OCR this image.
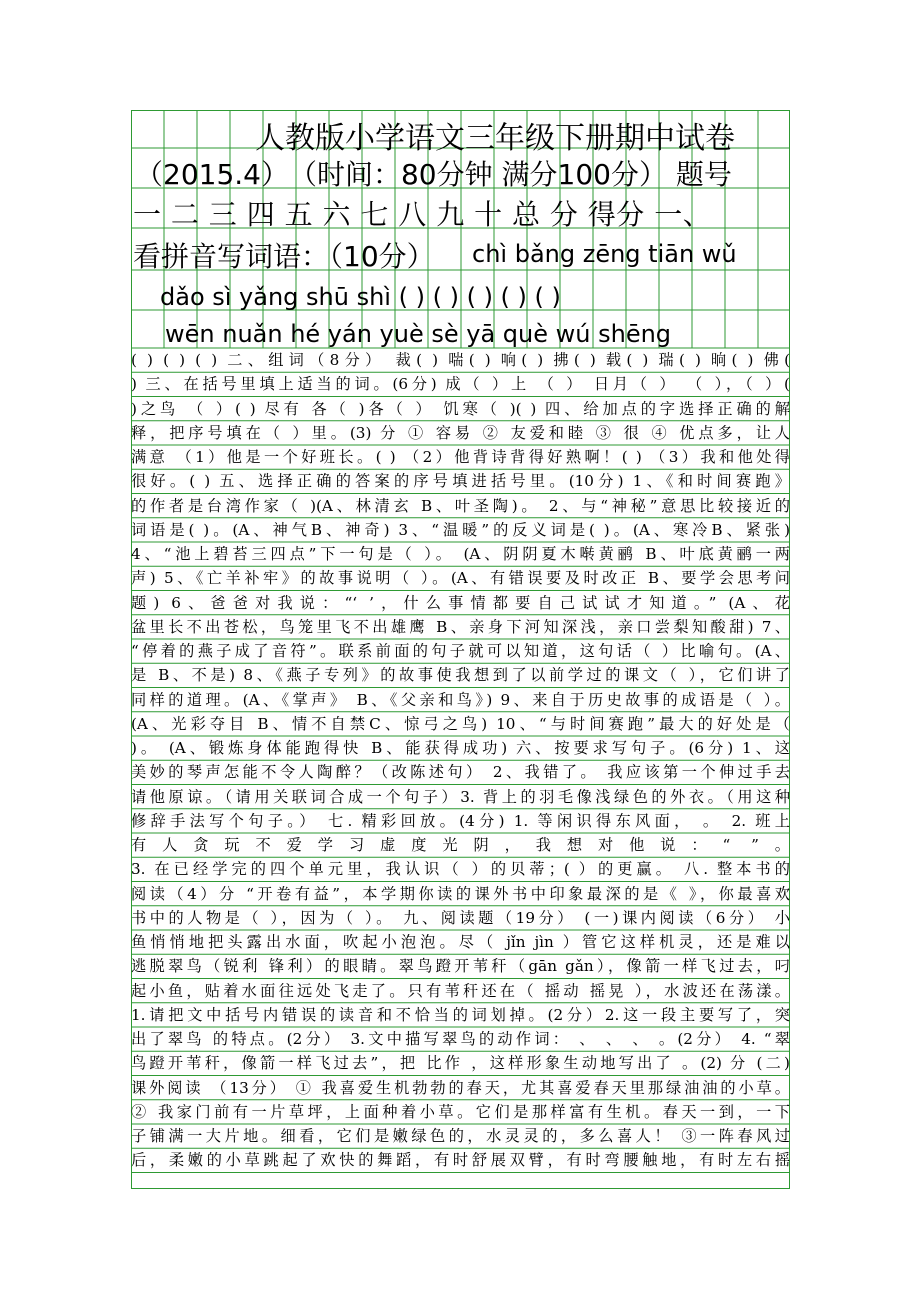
人教版小学语文三年级下册期中试卷
（2015.4）　（时间：80分钟 满分100分） 题号
一 二 三 四 五 六 七 八 九 十 总 分 得分 一、
看拼音写词语：（10分） chì bǎng zēng tiān wǔ
dǎo sì yǎng shū shì ( ) ( ) ( ) ( ) ( )
wēn nuǎn hé yán yuè sè yā què wú shēng
( ) ( ) ( ) 二、组词（8分） 裁( ) 喘( ) 响( ) 拂( ) 载( ) 瑞( ) 晌( ) 佛(
) 三、在括号里填上适当的词。(6分) 成（ ）上 （ ） 日月（ ） （ ），（ ）(
)之鸟 （ ）( ) 尽有 各（ )各（ ） 饥寒（ )( ) 四、给加点的字选择正确的解
释，把序号填在（ ）里。(3) 分 ① 容易 ② 友爱和睦 ③ 很 ④ 优点多，让人
满意 （1）他是一个好班长。( ) （2）他背诗背得好熟啊！( ) （3）我和他处得
很好。( ) 五、选择正确的答案的序号填进括号里。(10分) 1、《和时间赛跑》
的作者是台湾作家（ )(A、林清玄 B、叶圣陶)。 2、与“神秘”意思比较接近的
词语是( )。(A、神气B、神奇) 3、“温暖”的反义词是( )。(A、寒冷B、紧张)
4、“池上碧苔三四点”下一句是（ ）。 (A、阴阴夏木啭黄鹂 B、叶底黄鹂一两
声) 5、《亡羊补牢》的故事说明（ ）。(A、有错误要及时改正 B、要学会思考问
题) 6、爸爸对我说：“‘ ’，什么事情都要自己试试才知道。” (A、花
盆里长不出苍松，鸟笼里飞不出雄鹰 B、亲身下河知深浅，亲口尝梨知酸甜) 7、
“停着的燕子成了音符”。联系前面的句子就可以知道，这句话（ ）比喻句。(A、
是 B、不是) 8、《燕子专列》的故事使我想到了以前学过的课文（ ），它们讲了
同样的道理。(A、《掌声》 B、《父亲和鸟》) 9、来自于历史故事的成语是（ ）。
(A、光彩夺目 B、情不自禁C、惊弓之鸟) 10、“与时间赛跑”最大的好处是（
)。 (A、锻炼身体能跑得快 B、能获得成功) 六、按要求写句子。(6分) 1、这
美妙的琴声怎能不令人陶醉？（改陈述句） 2、我错了。 我应该第一个伸过手去
请他原谅。（请用关联词合成一个句子）3. 背上的羽毛像浅绿色的外衣。（用这种
修辞手法写个句子。） 七. 精彩回放。(4分) 1. 等闲识得东风面， 。 2. 班上
有人贪玩不爱学习虚度光阴，我想对他说：“ ”。
3. 在已经学完的四个单元里，我认识（ ）的贝蒂；( ）的更赢。 八. 整本书的
阅读（4）分 “开卷有益”，本学期你读的课外书中印象最深的是《 》，你最喜欢
书中的人物是（ ），因为（ ）。 九、阅读题（19分） (一)课内阅读（6分） 小
鱼悄悄地把头露出水面，吹起小泡泡。尽（ jǐn jìn ）管它这样机灵，还是难以
逃脱翠鸟（锐利 锋利）的眼睛。翠鸟蹬开苇秆（gān gǎn），像箭一样飞过去，叼
起小鱼，贴着水面往远处飞走了。只有苇秆还在（ 摇动 摇晃 ），水波还在荡漾。
1.请把文中括号内错误的读音和不恰当的词划掉。(2分）2.这一段主要写了，突
出了翠鸟 的特点。(2分） 3.文中描写翠鸟的动作词： 、 、 、 。(2分） 4. “翠
鸟蹬开苇秆，像箭一样飞过去”，把 比作 ，这样形象生动地写出了 。(2) 分 (二)
课外阅读 （13分） ① 我喜爱生机勃勃的春天，尤其喜爱春天里那绿油油的小草。
② 我家门前有一片草坪，上面种着小草。它们是那样富有生机。春天一到，一下
子铺满一大片地。细看，它们是嫩绿色的，水灵灵的，多么喜人！ ③一阵春风过
后，柔嫩的小草跳起了欢快的舞蹈，有时舒展双臂，有时弯腰触地，有时左右摇
